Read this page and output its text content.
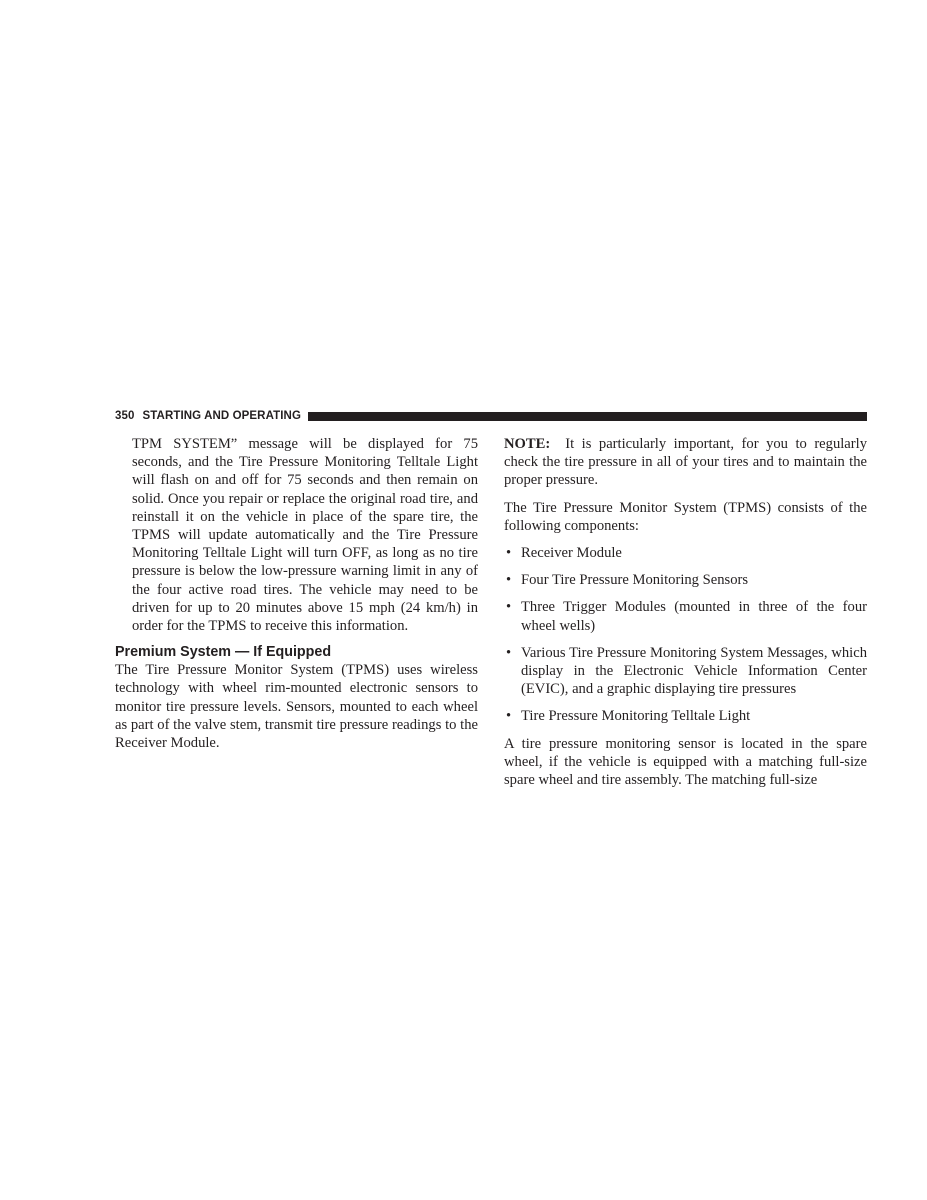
350 STARTING AND OPERATING

TPM SYSTEM” message will be displayed for 75 seconds, and the Tire Pressure Monitoring Telltale Light will flash on and off for 75 seconds and then remain on solid. Once you repair or replace the original road tire, and reinstall it on the vehicle in place of the spare tire, the TPMS will update automatically and the Tire Pressure Monitoring Telltale Light will turn OFF, as long as no tire pressure is below the low-pressure warning limit in any of the four active road tires. The vehicle may need to be driven for up to 20 minutes above 15 mph (24 km/h) in order for the TPMS to receive this information.

Premium System — If Equipped

The Tire Pressure Monitor System (TPMS) uses wireless technology with wheel rim-mounted electronic sensors to monitor tire pressure levels. Sensors, mounted to each wheel as part of the valve stem, transmit tire pressure readings to the Receiver Module.

NOTE: It is particularly important, for you to regularly check the tire pressure in all of your tires and to maintain the proper pressure.

The Tire Pressure Monitor System (TPMS) consists of the following components:

• Receiver Module
• Four Tire Pressure Monitoring Sensors
• Three Trigger Modules (mounted in three of the four wheel wells)
• Various Tire Pressure Monitoring System Messages, which display in the Electronic Vehicle Information Center (EVIC), and a graphic displaying tire pressures
• Tire Pressure Monitoring Telltale Light

A tire pressure monitoring sensor is located in the spare wheel, if the vehicle is equipped with a matching full-size spare wheel and tire assembly. The matching full-size
